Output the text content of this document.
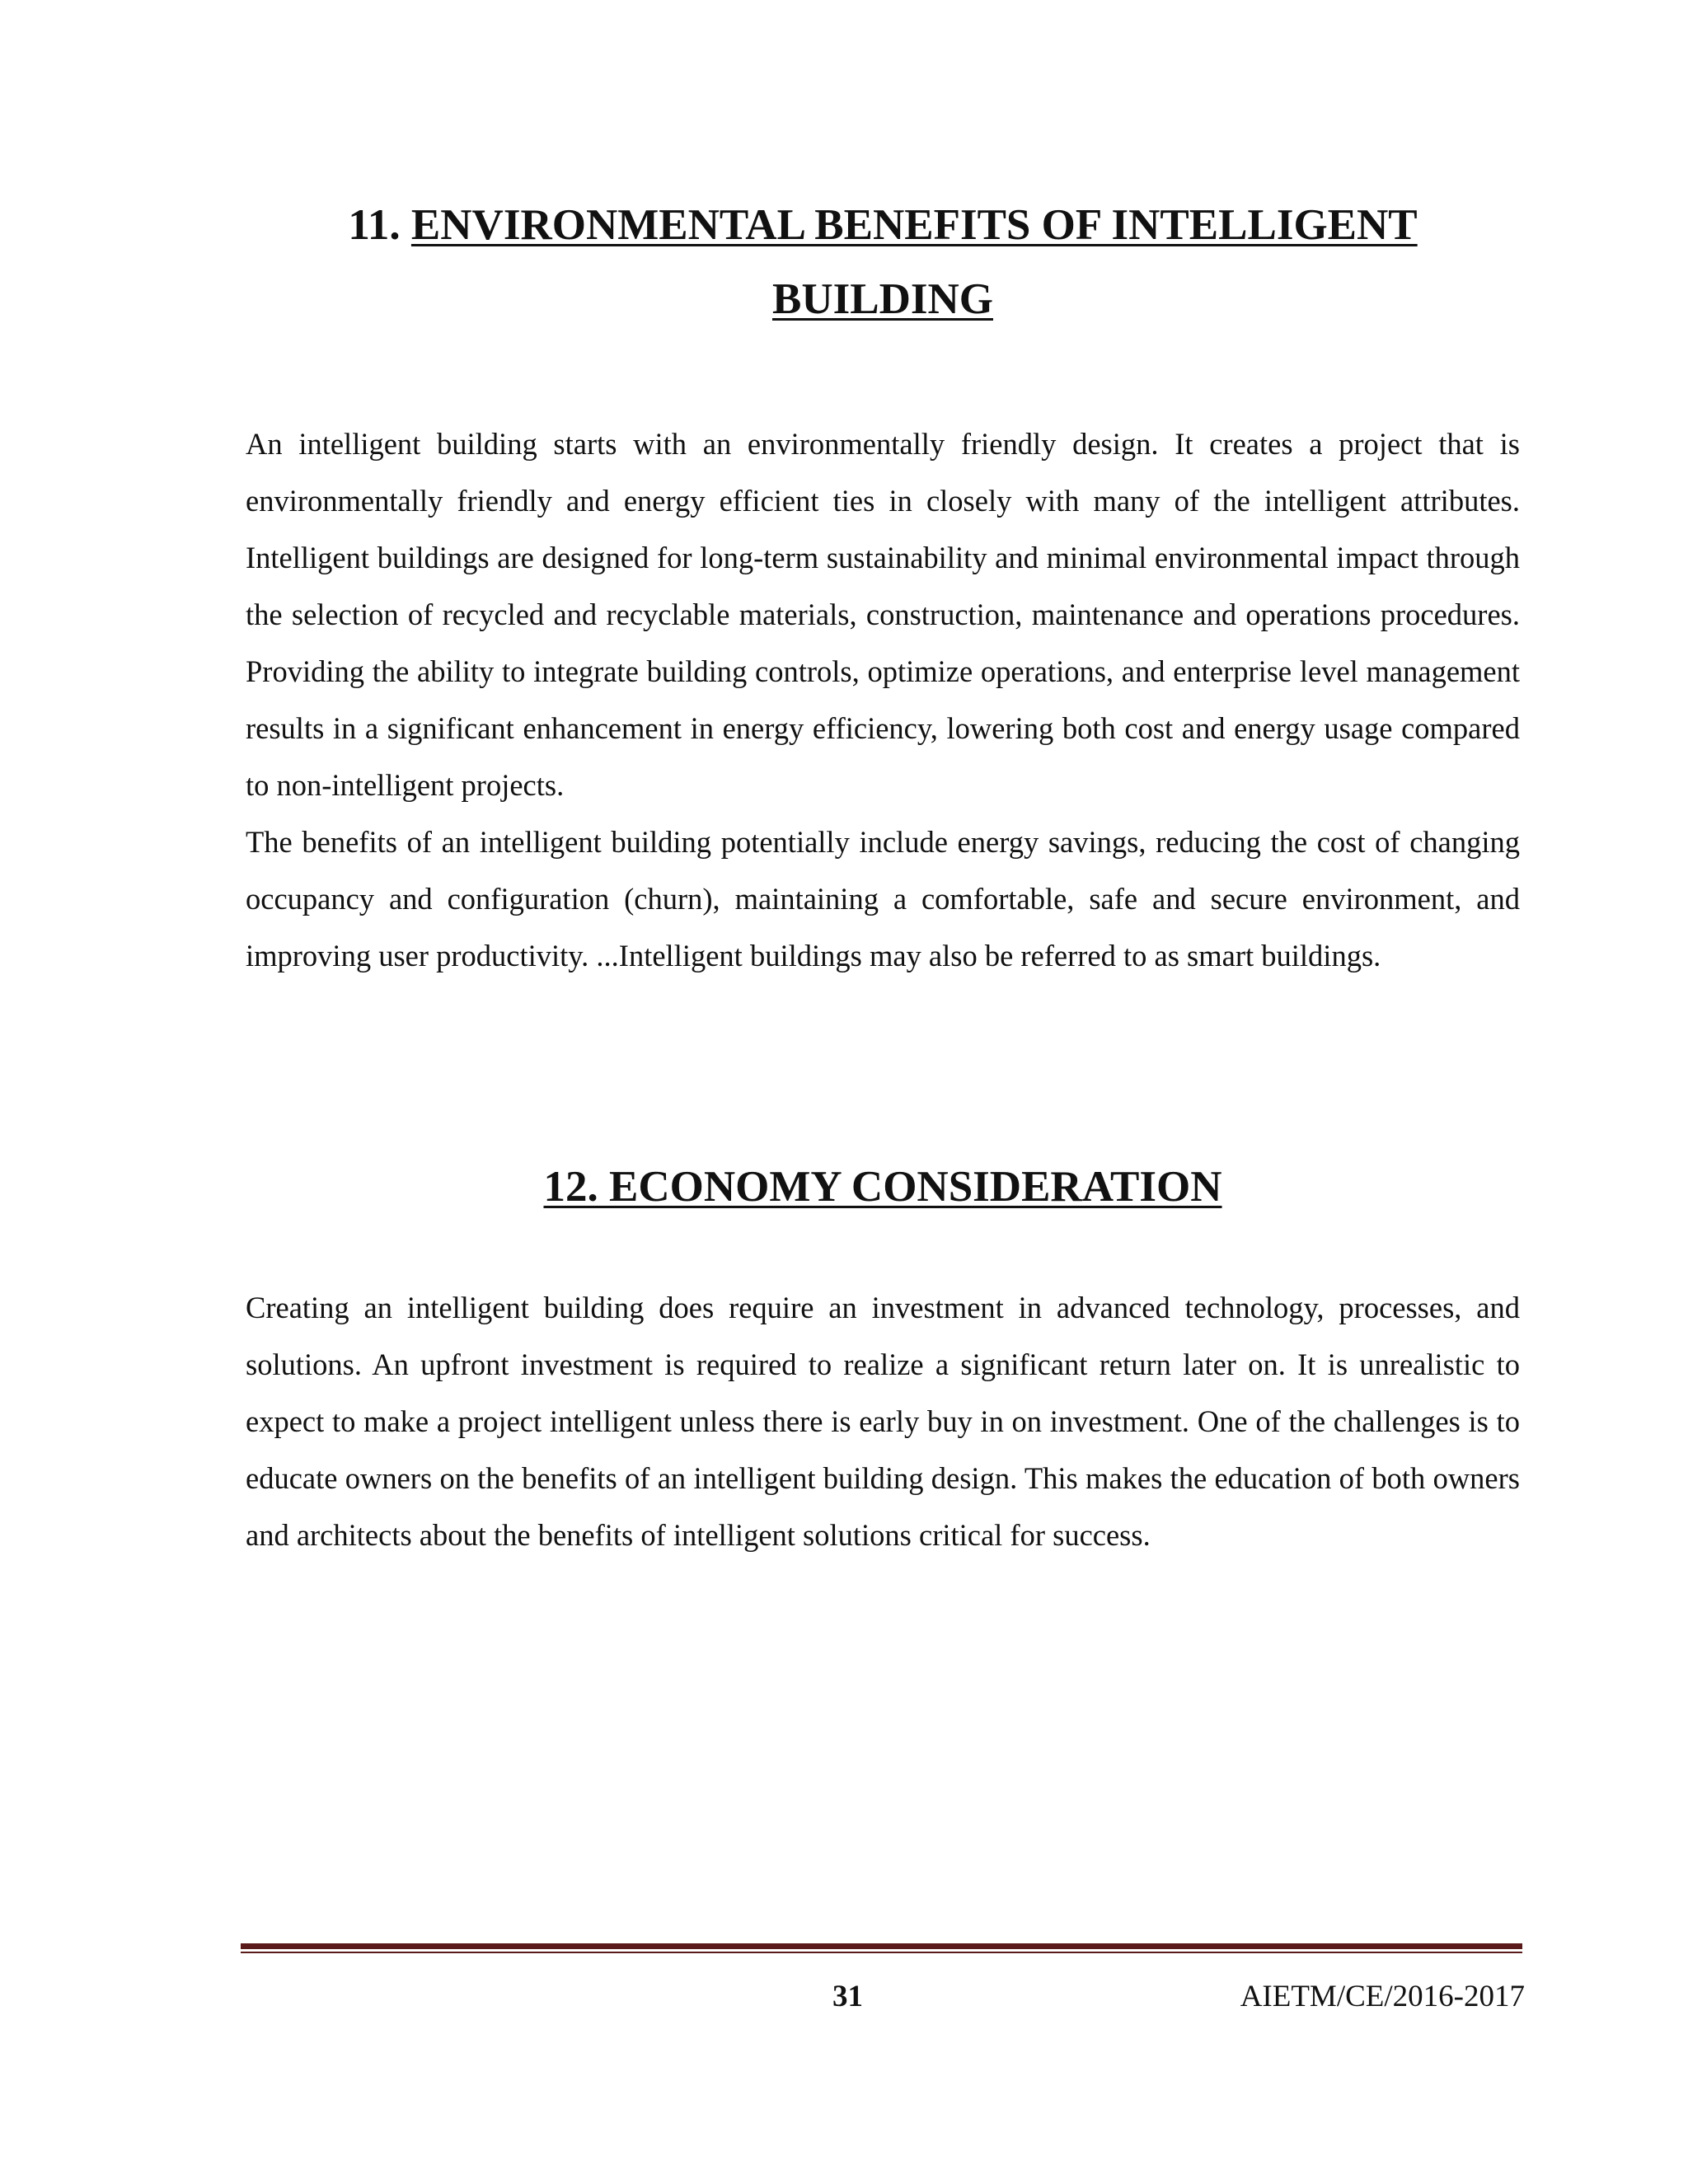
11. ENVIRONMENTAL BENEFITS OF INTELLIGENT
BUILDING

An intelligent building starts with an environmentally friendly design. It creates a project that is environmentally friendly and energy efficient ties in closely with many of the intelligent attributes. Intelligent buildings are designed for long-term sustainability and minimal environmental impact through the selection of recycled and recyclable materials, construction, maintenance and operations procedures. Providing the ability to integrate building controls, optimize operations, and enterprise level management results in a significant enhancement in energy efficiency, lowering both cost and energy usage compared to non-intelligent projects.

The benefits of an intelligent building potentially include energy savings, reducing the cost of changing occupancy and configuration (churn), maintaining a comfortable, safe and secure environment, and improving user productivity. ...Intelligent buildings may also be referred to as smart buildings.

12. ECONOMY CONSIDERATION

Creating an intelligent building does require an investment in advanced technology, processes, and solutions. An upfront investment is required to realize a significant return later on. It is unrealistic to expect to make a project intelligent unless there is early buy in on investment. One of the challenges is to educate owners on the benefits of an intelligent building design. This makes the education of both owners and architects about the benefits of intelligent solutions critical for success.

31	AIETM/CE/2016-2017
